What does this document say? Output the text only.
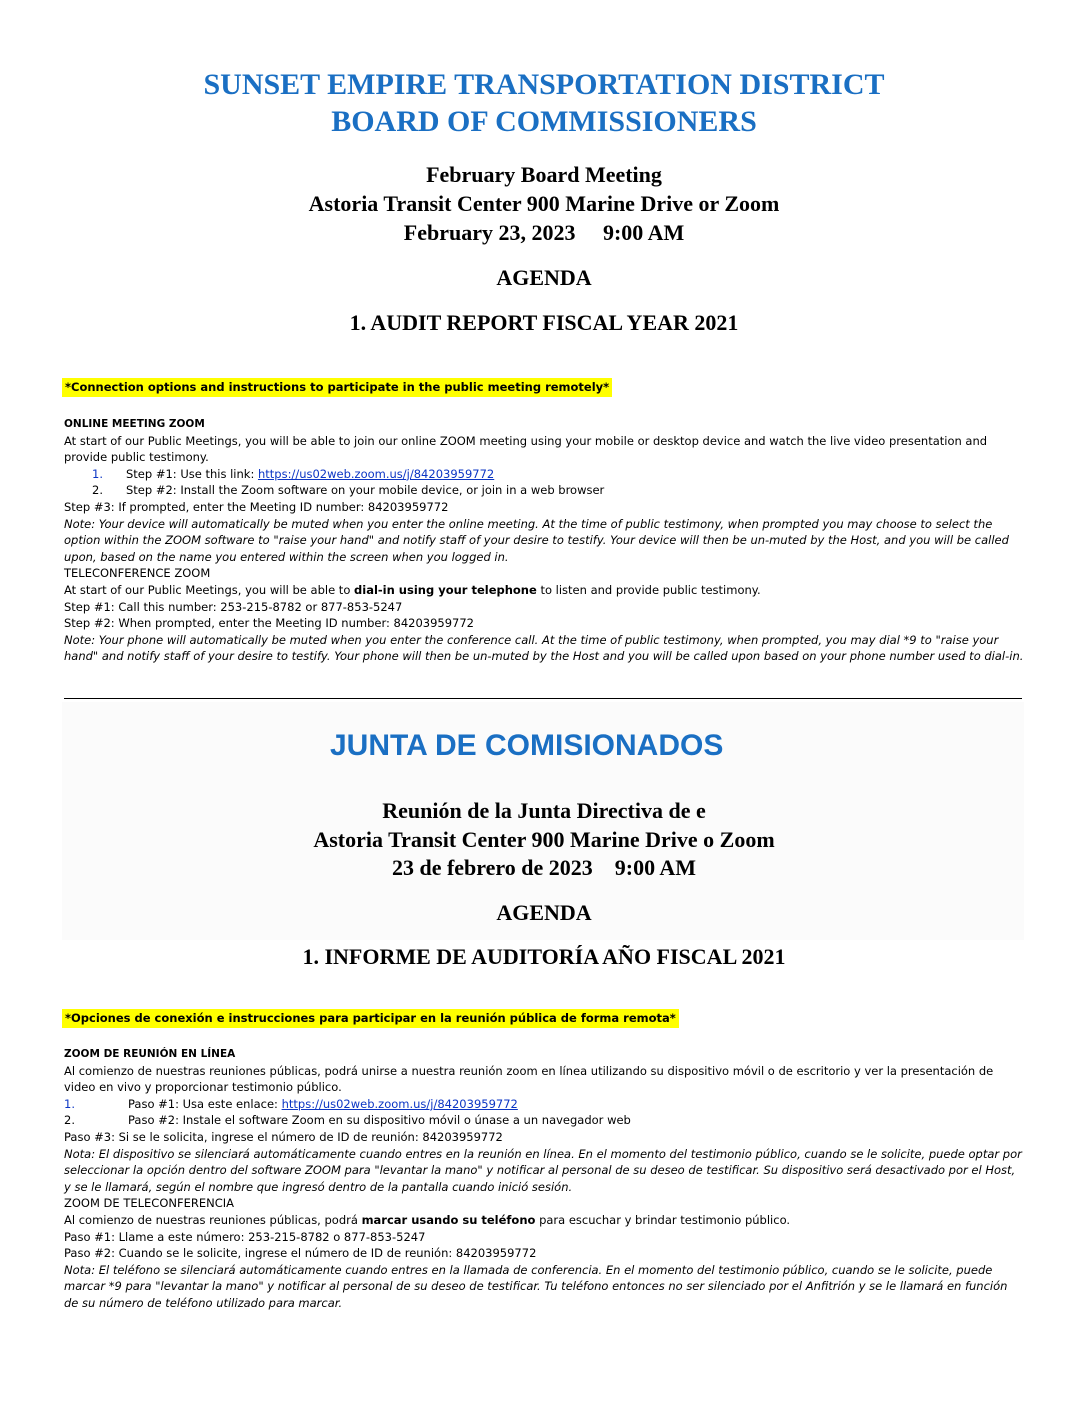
SUNSET EMPIRE TRANSPORTATION DISTRICT
BOARD OF COMMISSIONERS
February Board Meeting
Astoria Transit Center 900 Marine Drive or Zoom
February 23, 2023     9:00 AM
AGENDA
1. AUDIT REPORT FISCAL YEAR 2021
*Connection options and instructions to participate in the public meeting remotely*

ONLINE MEETING ZOOM

At start of our Public Meetings, you will be able to join our online ZOOM meeting using your mobile or desktop device and watch the live video presentation and provide public testimony.

1. Step #1: Use this link: https://us02web.zoom.us/j/84203959772

2. Step #2: Install the Zoom software on your mobile device, or join in a web browser

Step #3: If prompted, enter the Meeting ID number: 84203959772

Note: Your device will automatically be muted when you enter the online meeting. At the time of public testimony, when prompted you may choose to select the option within the ZOOM software to "raise your hand" and notify staff of your desire to testify. Your device will then be un-muted by the Host, and you will be called upon, based on the name you entered within the screen when you logged in.

TELECONFERENCE ZOOM

At start of our Public Meetings, you will be able to dial-in using your telephone to listen and provide public testimony.

Step #1: Call this number: 253-215-8782 or 877-853-5247

Step #2: When prompted, enter the Meeting ID number: 84203959772

Note: Your phone will automatically be muted when you enter the conference call. At the time of public testimony, when prompted, you may dial *9 to "raise your hand" and notify staff of your desire to testify. Your phone will then be un-muted by the Host and you will be called upon based on your phone number used to dial-in.

JUNTA DE COMISIONADOS
Reunión de la Junta Directiva de e
Astoria Transit Center 900 Marine Drive o Zoom
23 de febrero de 2023    9:00 AM
AGENDA
1. INFORME DE AUDITORÍA AÑO FISCAL 2021
*Opciones de conexión e instrucciones para participar en la reunión pública de forma remota*

ZOOM DE REUNIÓN EN LÍNEA

Al comienzo de nuestras reuniones públicas, podrá unirse a nuestra reunión zoom en línea utilizando su dispositivo móvil o de escritorio y ver la presentación de video en vivo y proporcionar testimonio público.

1.	Paso #1: Usa este enlace: https://us02web.zoom.us/j/84203959772

2.	Paso #2: Instale el software Zoom en su dispositivo móvil o únase a un navegador web

Paso #3: Si se le solicita, ingrese el número de ID de reunión: 84203959772

Nota: El dispositivo se silenciará automáticamente cuando entres en la reunión en línea. En el momento del testimonio público, cuando se le solicite, puede optar por seleccionar la opción dentro del software ZOOM para "levantar la mano" y notificar al personal de su deseo de testificar. Su dispositivo será desactivado por el Host, y se le llamará, según el nombre que ingresó dentro de la pantalla cuando inició sesión.

ZOOM DE TELECONFERENCIA

Al comienzo de nuestras reuniones públicas, podrá marcar usando su teléfono para escuchar y brindar testimonio público.

Paso #1: Llame a este número: 253-215-8782 o 877-853-5247

Paso #2: Cuando se le solicite, ingrese el número de ID de reunión: 84203959772

Nota: El teléfono se silenciará automáticamente cuando entres en la llamada de conferencia. En el momento del testimonio público, cuando se le solicite, puede marcar *9 para "levantar la mano" y notificar al personal de su deseo de testificar. Tu teléfono entonces no ser silenciado por el Anfitrión y se le llamará en función de su número de teléfono utilizado para marcar.
